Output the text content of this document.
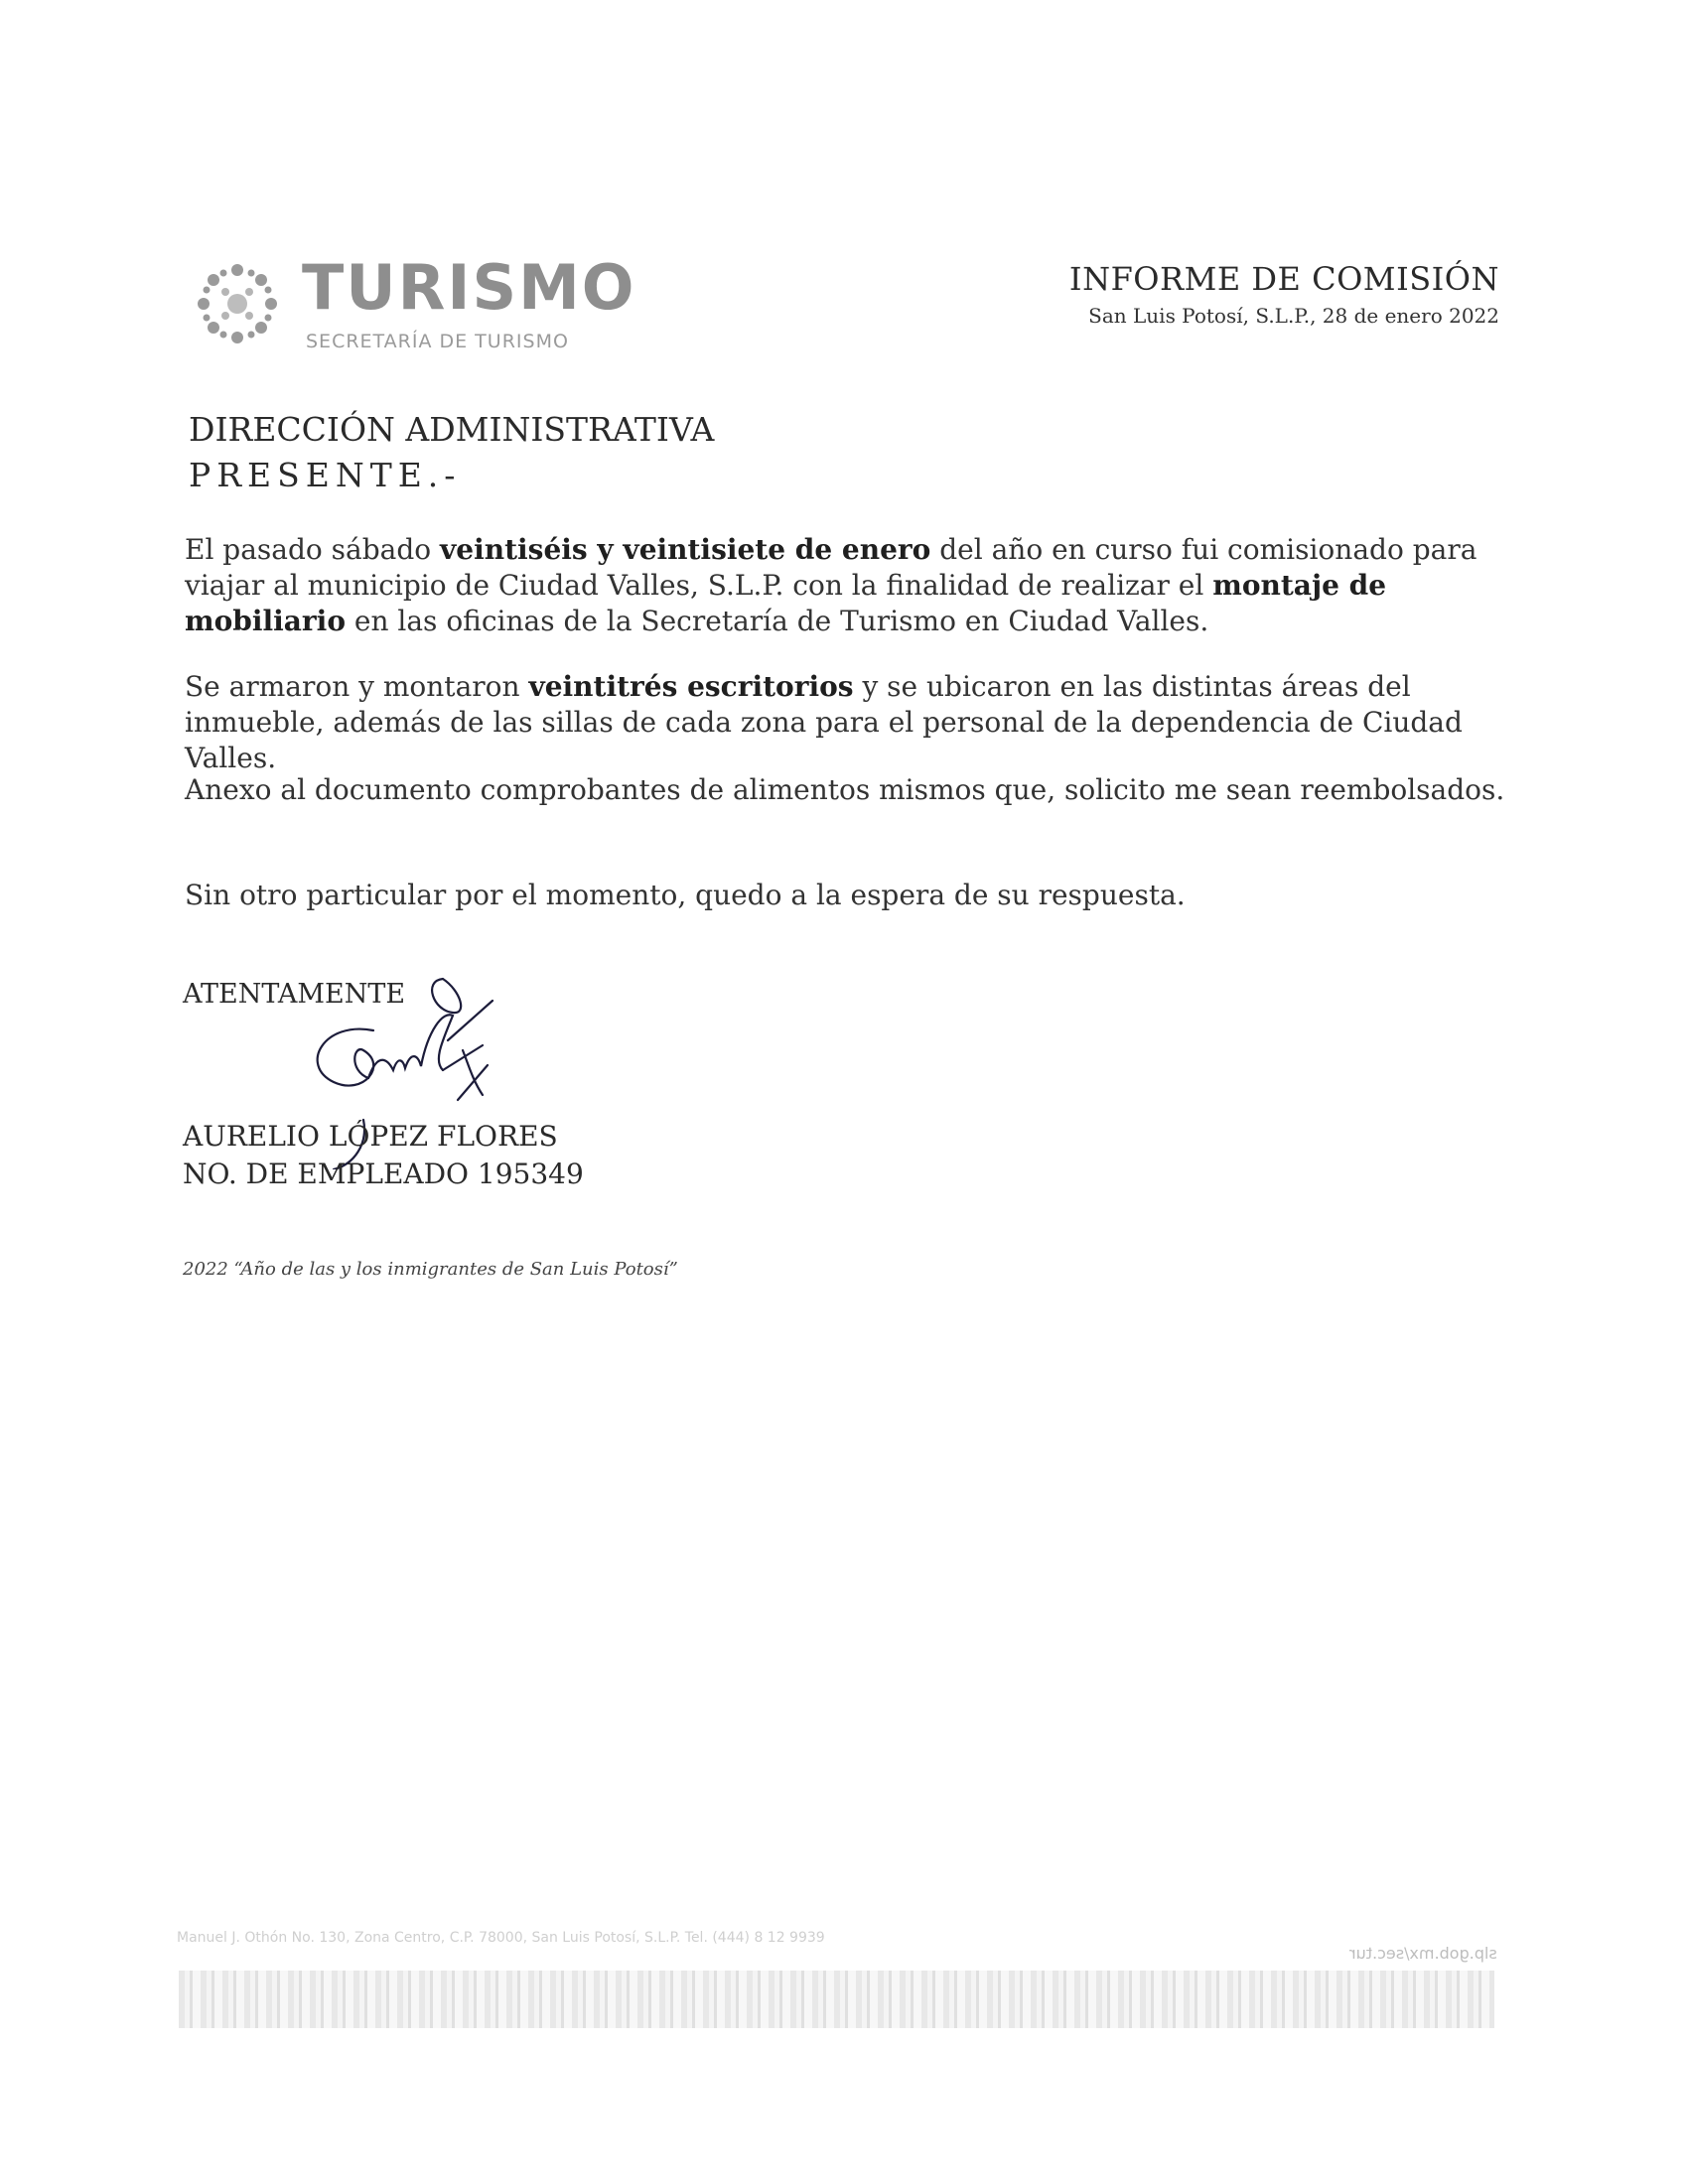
TURISMO
SECRETARÍA DE TURISMO
INFORME DE COMISIÓN
San Luis Potosí, S.L.P., 28 de enero 2022
DIRECCIÓN ADMINISTRATIVA
PRESENTE.-
El pasado sábado veintiséis y veintisiete de enero del año en curso fui comisionado para viajar al municipio de Ciudad Valles, S.L.P. con la finalidad de realizar el montaje de mobiliario en las oficinas de la Secretaría de Turismo en Ciudad Valles.
Se armaron y montaron veintitrés escritorios y se ubicaron en las distintas áreas del inmueble, además de las sillas de cada zona para el personal de la dependencia de Ciudad Valles.
Anexo al documento comprobantes de alimentos mismos que, solicito me sean reembolsados.
Sin otro particular por el momento, quedo a la espera de su respuesta.
ATENTAMENTE
AURELIO LÓPEZ FLORES
NO. DE EMPLEADO 195349
2022 “Año de las y los inmigrantes de San Luis Potosí”
Manuel J. Othón No. 130, Zona Centro, C.P. 78000, San Luis Potosí, S.L.P. Tel. (444) 8 12 9939
slp.gob.mx/sec.tur
